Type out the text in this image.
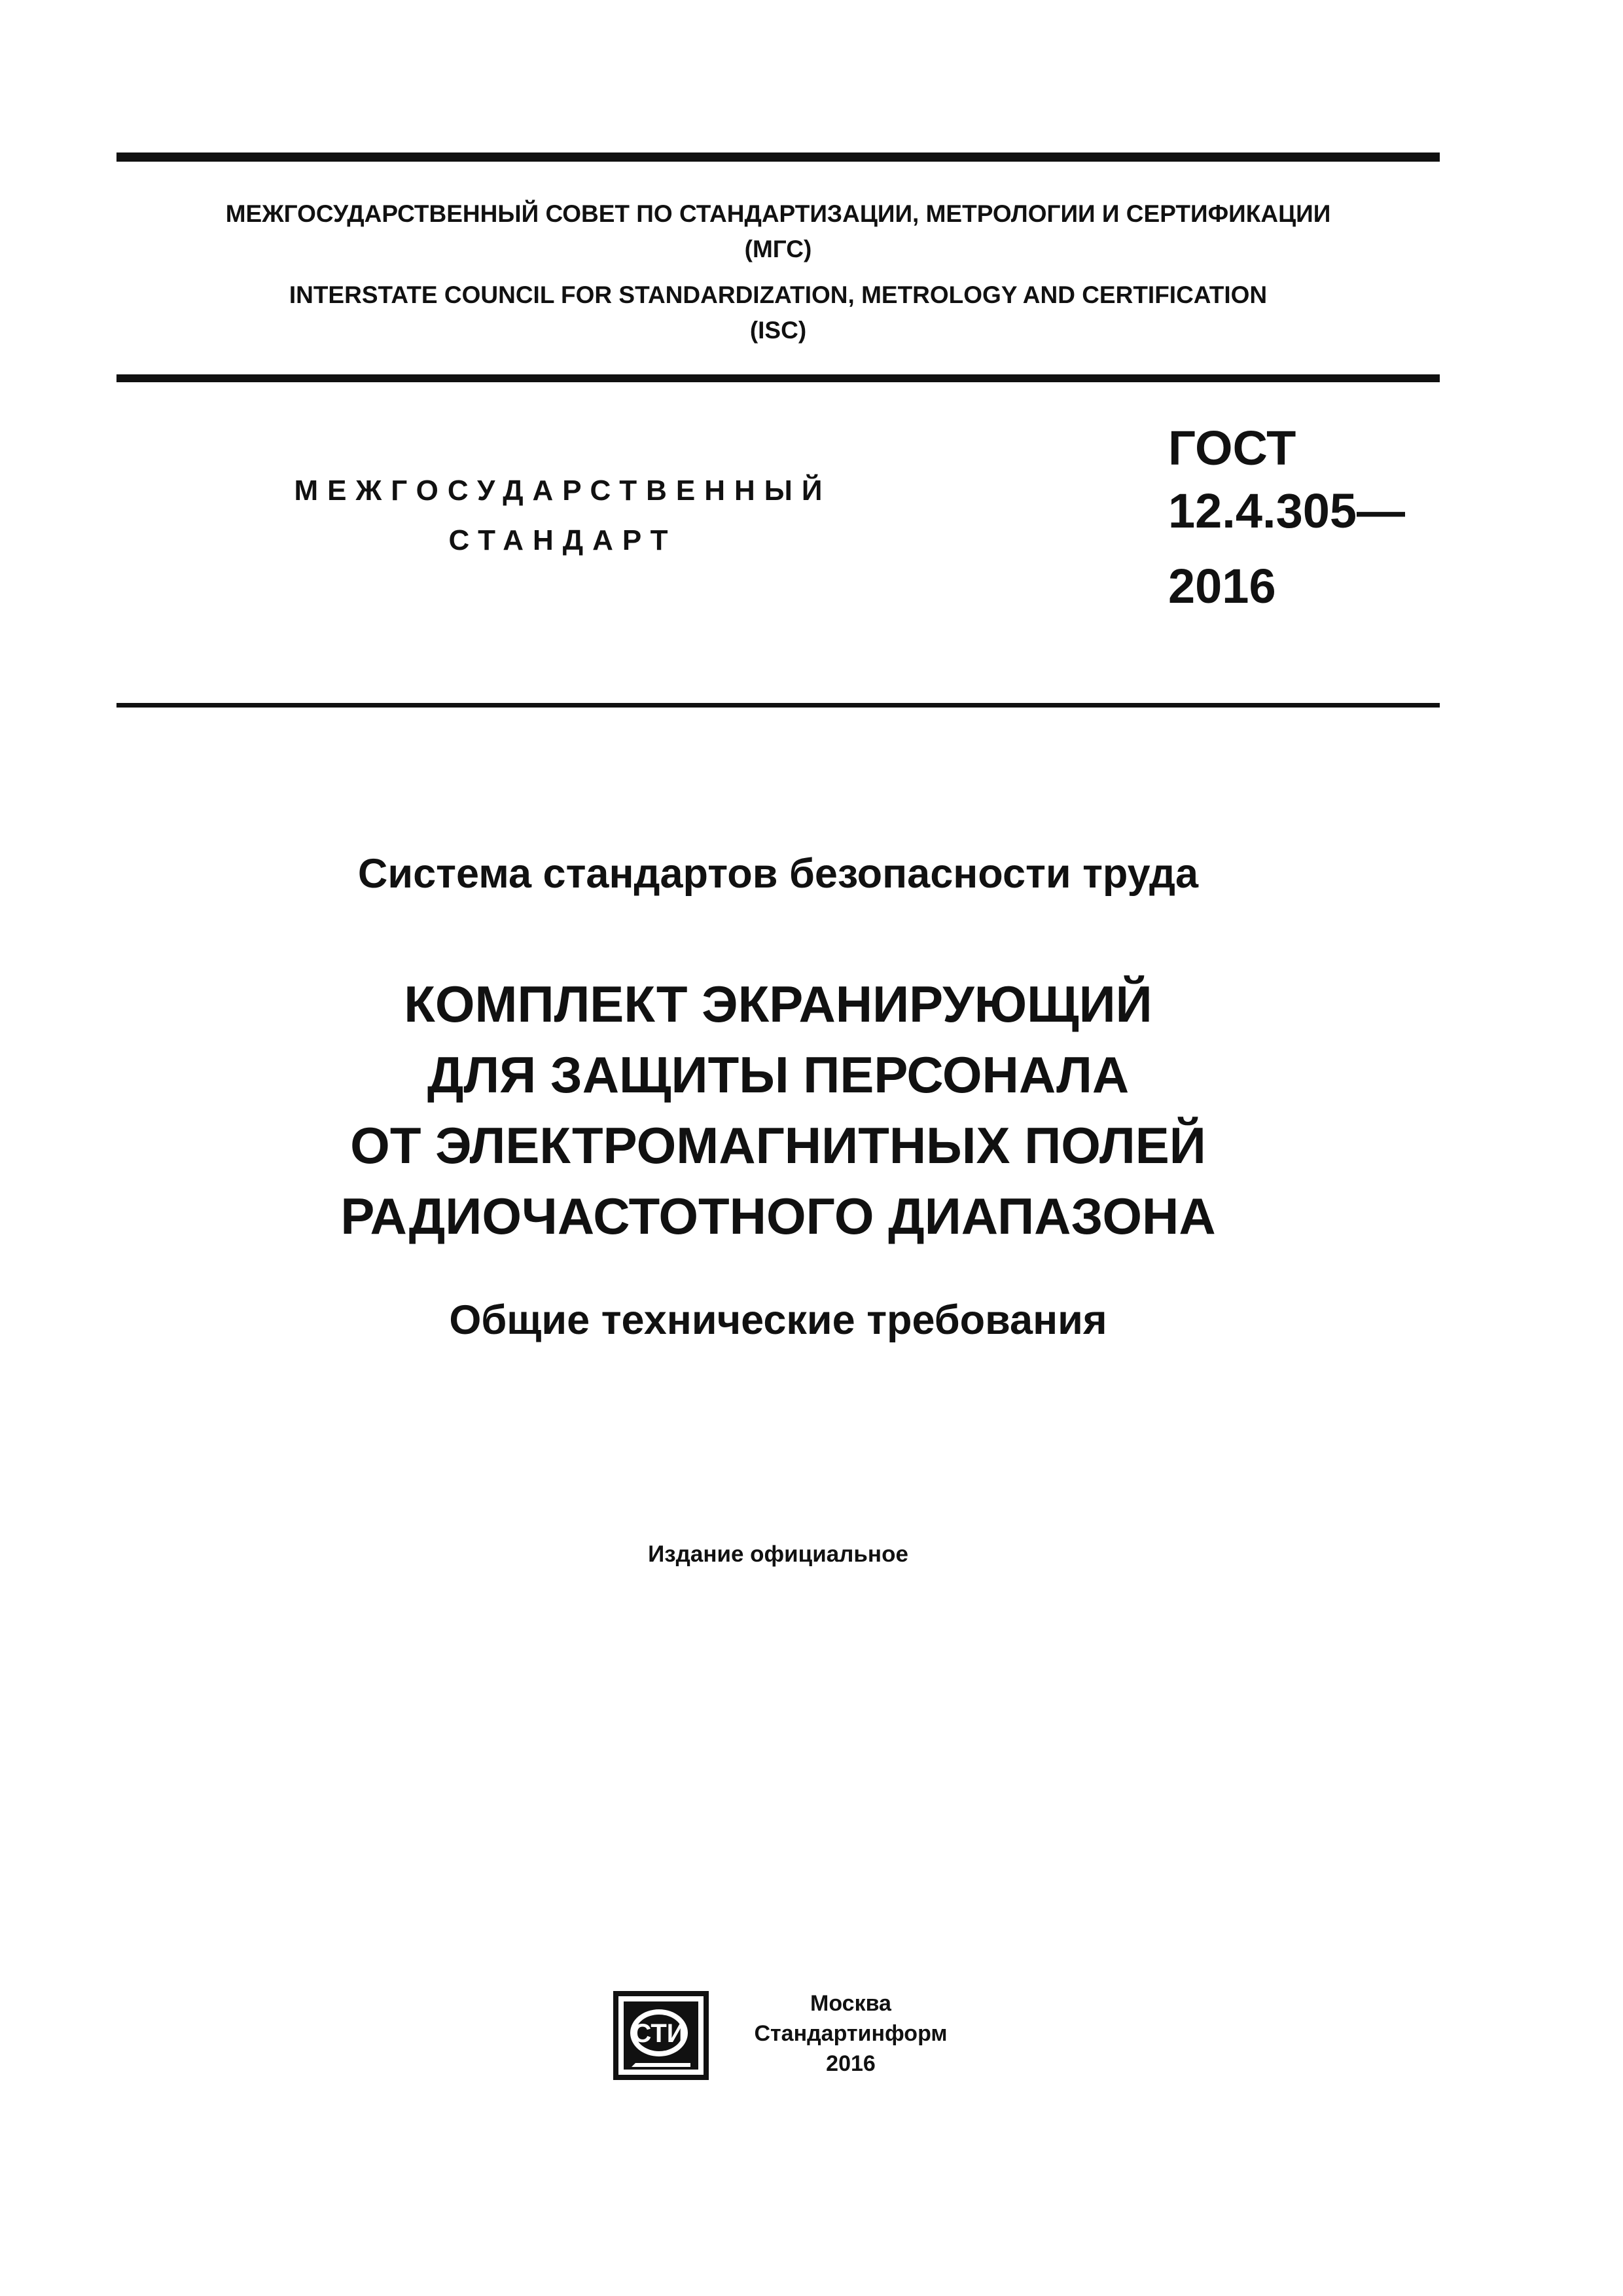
МЕЖГОСУДАРСТВЕННЫЙ СОВЕТ ПО СТАНДАРТИЗАЦИИ, МЕТРОЛОГИИ И СЕРТИФИКАЦИИ
(МГС)
INTERSTATE COUNCIL FOR STANDARDIZATION, METROLOGY AND CERTIFICATION
(ISC)
МЕЖГОСУДАРСТВЕННЫЙ
СТАНДАРТ
ГОСТ
12.4.305—
2016
Система стандартов безопасности труда
КОМПЛЕКТ ЭКРАНИРУЮЩИЙ
ДЛЯ ЗАЩИТЫ ПЕРСОНАЛА
ОТ ЭЛЕКТРОМАГНИТНЫХ ПОЛЕЙ
РАДИОЧАСТОТНОГО ДИАПАЗОНА
Общие технические требования
Издание официальное
СТИ
Москва
Стандартинформ
2016
